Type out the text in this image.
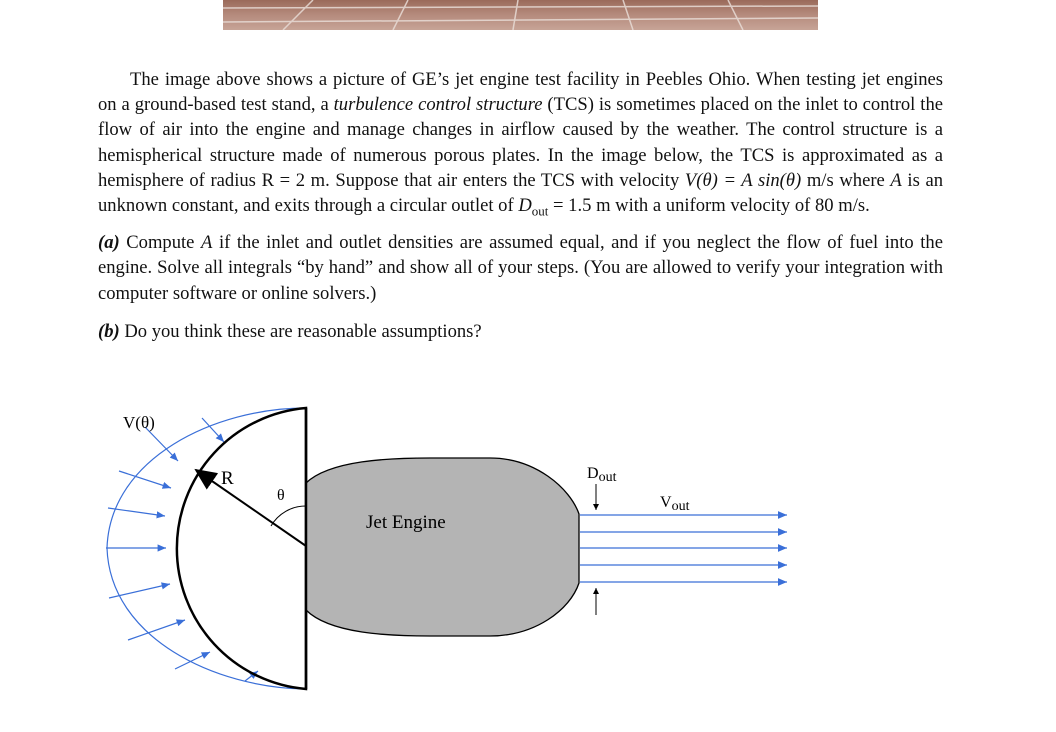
The image above shows a picture of GE’s jet engine test facility in Peebles Ohio. When testing jet engines on a ground-based test stand, a turbulence control structure (TCS) is sometimes placed on the inlet to control the flow of air into the engine and manage changes in airflow caused by the weather. The control structure is a hemispherical structure made of numerous porous plates. In the image below, the TCS is approximated as a hemisphere of radius R = 2 m. Suppose that air enters the TCS with velocity V(θ) = A sin(θ) m/s where A is an unknown constant, and exits through a circular outlet of $D_{out} = 1.5$ m with a uniform velocity of 80 m/s.

(a) Compute A if the inlet and outlet densities are assumed equal, and if you neglect the flow of fuel into the engine. Solve all integrals “by hand” and show all of your steps. (You are allowed to verify your integration with computer software or online solvers.)

(b) Do you think these are reasonable assumptions?

V(θ)
R
θ
Jet Engine
Dout
Vout
